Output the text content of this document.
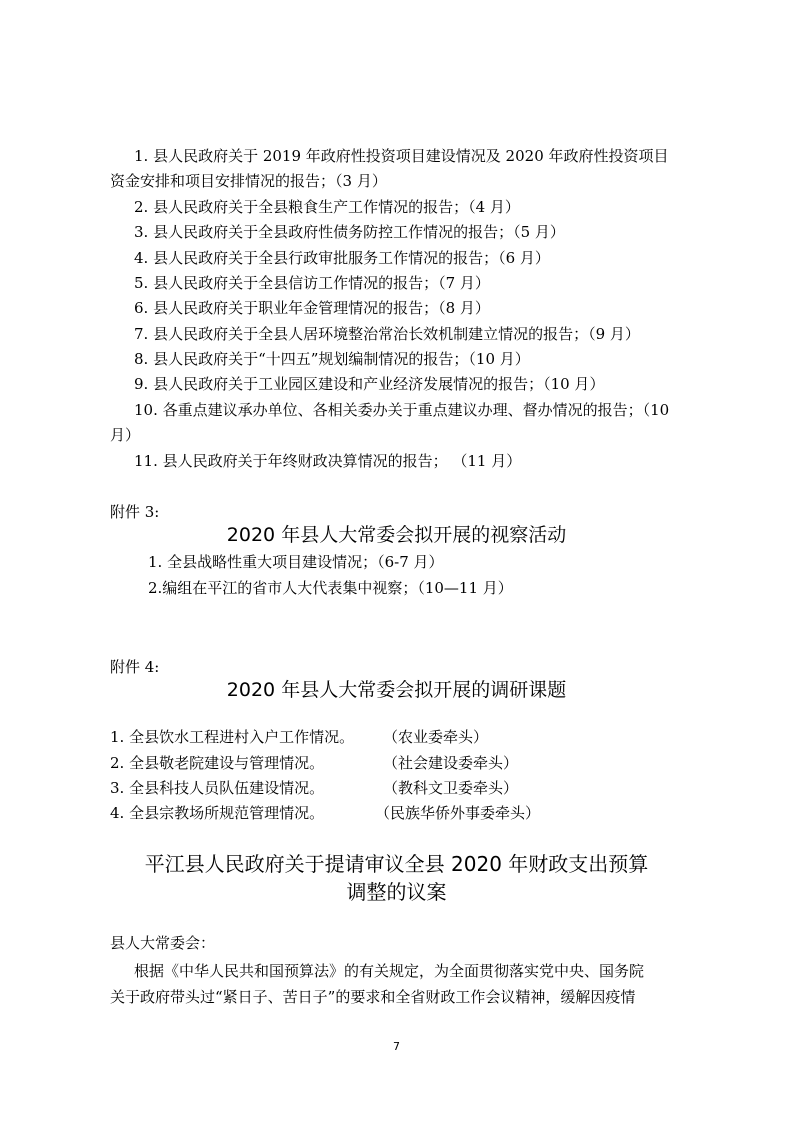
1. 县人民政府关于 2019 年政府性投资项目建设情况及 2020 年政府性投资项目
资金安排和项目安排情况的报告；（3 月）
2. 县人民政府关于全县粮食生产工作情况的报告；（4 月）
3. 县人民政府关于全县政府性债务防控工作情况的报告；（5 月）
4. 县人民政府关于全县行政审批服务工作情况的报告；（6 月）
5. 县人民政府关于全县信访工作情况的报告；（7 月）
6. 县人民政府关于职业年金管理情况的报告；（8 月）
7. 县人民政府关于全县人居环境整治常治长效机制建立情况的报告；（9 月）
8. 县人民政府关于“十四五”规划编制情况的报告；（10 月）
9. 县人民政府关于工业园区建设和产业经济发展情况的报告；（10 月）
10. 各重点建议承办单位、各相关委办关于重点建议办理、督办情况的报告；（10
月）
11. 县人民政府关于年终财政决算情况的报告； （11 月）
附件 3:
2020 年县人大常委会拟开展的视察活动
1. 全县战略性重大项目建设情况；（6-7 月）
2.编组在平江的省市人大代表集中视察；（10—11 月）
附件 4:
2020 年县人大常委会拟开展的调研课题
1. 全县饮水工程进村入户工作情况。 （农业委牵头）
2. 全县敬老院建设与管理情况。	（社会建设委牵头）
3. 全县科技人员队伍建设情况。	（教科文卫委牵头）
4. 全县宗教场所规范管理情况。	（民族华侨外事委牵头）
平江县人民政府关于提请审议全县 2020 年财政支出预算
调整的议案
县人大常委会：
根据《中华人民共和国预算法》的有关规定，为全面贯彻落实党中央、国务院
关于政府带头过“紧日子、苦日子”的要求和全省财政工作会议精神，缓解因疫情
7
